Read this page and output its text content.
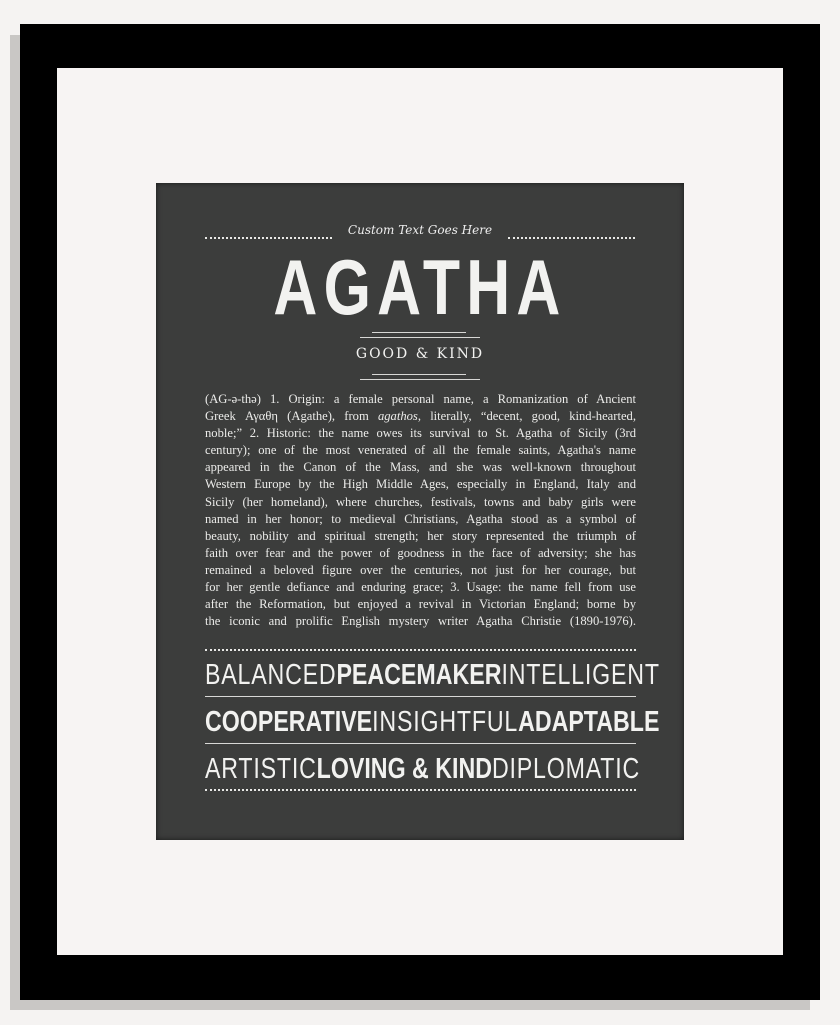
Custom Text Goes Here
AGATHA
GOOD & KIND
(AG-ə-thə) 1. Origin: a female personal name, a Romanization of Ancient
Greek Αγαθη (Agathe), from agathos, literally, “decent, good, kind-hearted,
noble;” 2. Historic: the name owes its survival to St. Agatha of Sicily (3rd
century); one of the most venerated of all the female saints, Agatha's name
appeared in the Canon of the Mass, and she was well-known throughout
Western Europe by the High Middle Ages, especially in England, Italy and
Sicily (her homeland), where churches, festivals, towns and baby girls were
named in her honor; to medieval Christians, Agatha stood as a symbol of
beauty, nobility and spiritual strength; her story represented the triumph of
faith over fear and the power of goodness in the face of adversity; she has
remained a beloved figure over the centuries, not just for her courage, but
for her gentle defiance and enduring grace; 3. Usage: the name fell from use
after the Reformation, but enjoyed a revival in Victorian England; borne by
the iconic and prolific English mystery writer Agatha Christie (1890-1976).
BALANCED PEACEMAKER INTELLIGENT
COOPERATIVE INSIGHTFUL ADAPTABLE
ARTISTIC LOVING & KIND DIPLOMATIC
